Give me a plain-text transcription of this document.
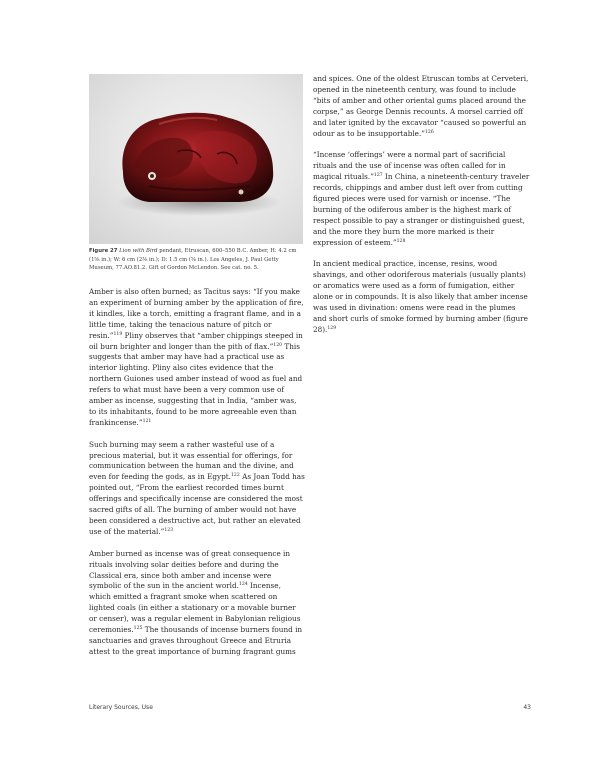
Figure 27 Lion with Bird pendant, Etruscan, 600–550 B.C. Amber, H: 4.2 cm (1⅝ in.); W: 6 cm (2⅜ in.); D: 1.5 cm (⅝ in.). Los Angeles, J. Paul Getty Museum, 77.AO.81.2. Gift of Gordon McLendon. See cat. no. 5.

Amber is also often burned; as Tacitus says: “If you make an experiment of burning amber by the application of fire, it kindles, like a torch, emitting a fragrant flame, and in a little time, taking the tenacious nature of pitch or resin.”$^{119}$ Pliny observes that “amber chippings steeped in oil burn brighter and longer than the pith of flax.”$^{120}$ This suggests that amber may have had a practical use as interior lighting. Pliny also cites evidence that the northern Guiones used amber instead of wood as fuel and refers to what must have been a very common use of amber as incense, suggesting that in India, “amber was, to its inhabitants, found to be more agreeable even than frankincense.”$^{121}$

Such burning may seem a rather wasteful use of a precious material, but it was essential for offerings, for communication between the human and the divine, and even for feeding the gods, as in Egypt.$^{122}$ As Joan Todd has pointed out, “From the earliest recorded times burnt offerings and specifically incense are considered the most sacred gifts of all. The burning of amber would not have been considered a destructive act, but rather an elevated use of the material.”$^{123}$

Amber burned as incense was of great consequence in rituals involving solar deities before and during the Classical era, since both amber and incense were symbolic of the sun in the ancient world.$^{124}$ Incense, which emitted a fragrant smoke when scattered on lighted coals (in either a stationary or a movable burner or censer), was a regular element in Babylonian religious ceremonies.$^{125}$ The thousands of incense burners found in sanctuaries and graves throughout Greece and Etruria attest to the great importance of burning fragrant gums

and spices. One of the oldest Etruscan tombs at Cerveteri, opened in the nineteenth century, was found to include “bits of amber and other oriental gums placed around the corpse,” as George Dennis recounts. A morsel carried off and later ignited by the excavator “caused so powerful an odour as to be insupportable.”$^{126}$

“Incense ‘offerings’ were a normal part of sacrificial rituals and the use of incense was often called for in magical rituals.”$^{127}$ In China, a nineteenth-century traveler records, chippings and amber dust left over from cutting figured pieces were used for varnish or incense. “The burning of the odiferous amber is the highest mark of respect possible to pay a stranger or distinguished guest, and the more they burn the more marked is their expression of esteem.”$^{128}$

In ancient medical practice, incense, resins, wood shavings, and other odoriferous materials (usually plants) or aromatics were used as a form of fumigation, either alone or in compounds. It is also likely that amber incense was used in divination: omens were read in the plumes and short curls of smoke formed by burning amber (figure 28).$^{129}$

Literary Sources, Use	43
